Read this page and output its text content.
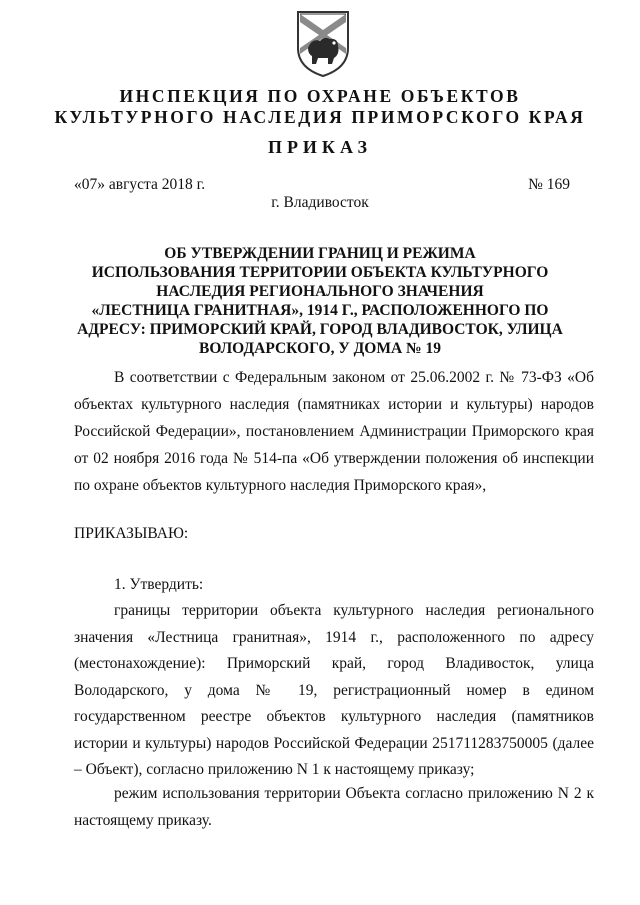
ИНСПЕКЦИЯ ПО ОХРАНЕ ОБЪЕКТОВ
КУЛЬТУРНОГО НАСЛЕДИЯ ПРИМОРСКОГО КРАЯ
ПРИКАЗ
«07» августа 2018 г.	№ 169
г. Владивосток
ОБ УТВЕРЖДЕНИИ ГРАНИЦ И РЕЖИМА
ИСПОЛЬЗОВАНИЯ ТЕРРИТОРИИ ОБЪЕКТА КУЛЬТУРНОГО
НАСЛЕДИЯ РЕГИОНАЛЬНОГО ЗНАЧЕНИЯ
«ЛЕСТНИЦА ГРАНИТНАЯ», 1914 Г., РАСПОЛОЖЕННОГО ПО
АДРЕСУ: ПРИМОРСКИЙ КРАЙ, ГОРОД ВЛАДИВОСТОК, УЛИЦА
ВОЛОДАРСКОГО, У ДОМА № 19

В соответствии с Федеральным законом от 25.06.2002 г. № 73-ФЗ «Об объектах культурного наследия (памятниках истории и культуры) народов Российской Федерации», постановлением Администрации Приморского края от 02 ноября 2016 года № 514-па «Об утверждении положения об инспекции по охране объектов культурного наследия Приморского края»,

ПРИКАЗЫВАЮ:

1. Утвердить:

границы территории объекта культурного наследия регионального значения «Лестница гранитная», 1914 г., расположенного по адресу (местонахождение): Приморский край, город Владивосток, улица Володарского, у дома № 19, регистрационный номер в едином государственном реестре объектов культурного наследия (памятников истории и культуры) народов Российской Федерации 251711283750005 (далее – Объект), согласно приложению N 1 к настоящему приказу;

режим использования территории Объекта согласно приложению N 2 к настоящему приказу.
